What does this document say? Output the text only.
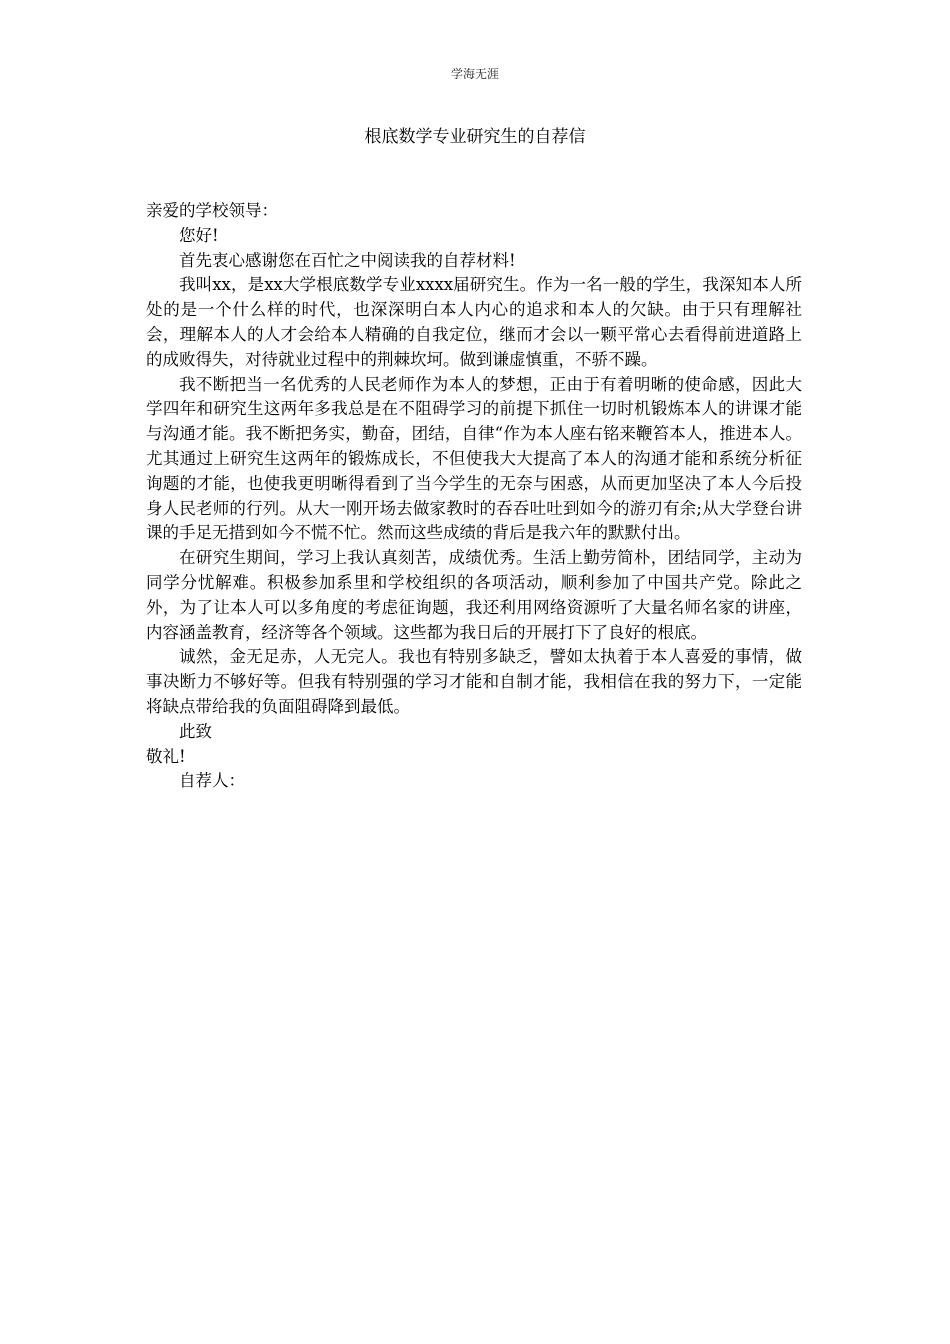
学海无涯
根底数学专业研究生的自荐信

亲爱的学校领导：

您好!

首先衷心感谢您在百忙之中阅读我的自荐材料!

我叫xx，是xx大学根底数学专业xxxx届研究生。作为一名一般的学生，我深知本人所处的是一个什么样的时代，也深深明白本人内心的追求和本人的欠缺。由于只有理解社会，理解本人的人才会给本人精确的自我定位，继而才会以一颗平常心去看得前进道路上的成败得失，对待就业过程中的荆棘坎坷。做到谦虚慎重，不骄不躁。

我不断把当一名优秀的人民老师作为本人的梦想，正由于有着明晰的使命感，因此大学四年和研究生这两年多我总是在不阻碍学习的前提下抓住一切时机锻炼本人的讲课才能与沟通才能。我不断把务实，勤奋，团结，自律“作为本人座右铭来鞭笞本人，推进本人。尤其通过上研究生这两年的锻炼成长，不但使我大大提高了本人的沟通才能和系统分析征询题的才能，也使我更明晰得看到了当今学生的无奈与困惑，从而更加坚决了本人今后投身人民老师的行列。从大一刚开场去做家教时的吞吞吐吐到如今的游刃有余;从大学登台讲课的手足无措到如今不慌不忙。然而这些成绩的背后是我六年的默默付出。

在研究生期间，学习上我认真刻苦，成绩优秀。生活上勤劳简朴，团结同学，主动为同学分忧解难。积极参加系里和学校组织的各项活动，顺利参加了中国共产党。除此之外，为了让本人可以多角度的考虑征询题，我还利用网络资源听了大量名师名家的讲座，内容涵盖教育，经济等各个领域。这些都为我日后的开展打下了良好的根底。

诚然，金无足赤，人无完人。我也有特别多缺乏，譬如太执着于本人喜爱的事情，做事决断力不够好等。但我有特别强的学习才能和自制才能，我相信在我的努力下，一定能将缺点带给我的负面阻碍降到最低。

此致

敬礼!

自荐人：
